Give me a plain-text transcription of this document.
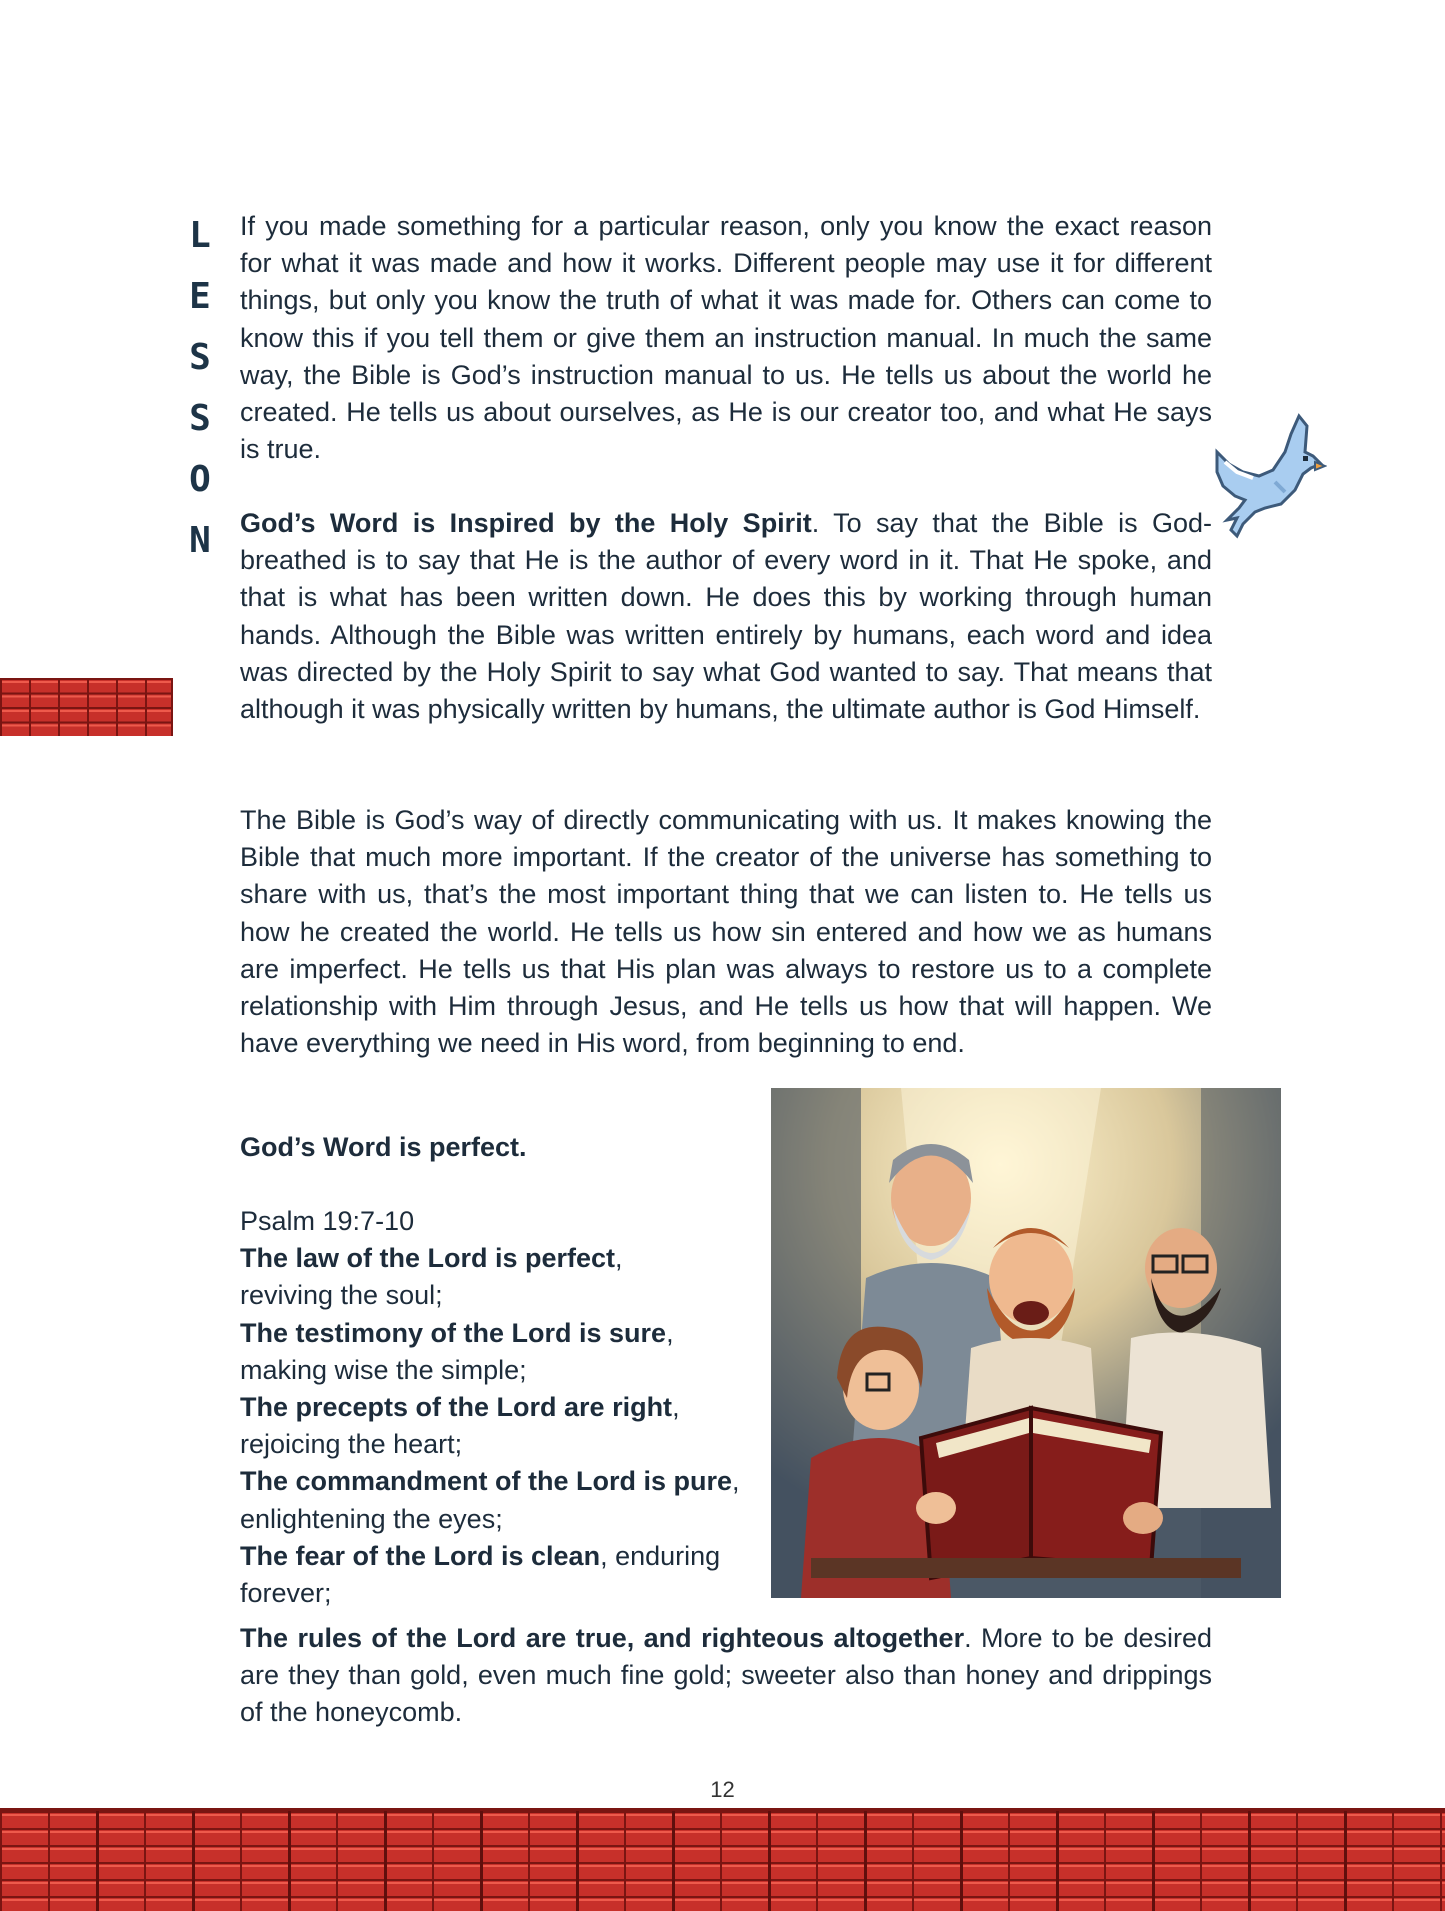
L
E
S
S
O
N

If you made something for a particular reason, only you know the exact reason for what it was made and how it works. Different people may use it for different things, but only you know the truth of what it was made for. Others can come to know this if you tell them or give them an instruction manual. In much the same way, the Bible is God’s instruction manual to us. He tells us about the world he created. He tells us about ourselves, as He is our creator too, and what He says is true.

God’s Word is Inspired by the Holy Spirit. To say that the Bible is God-breathed is to say that He is the author of every word in it. That He spoke, and that is what has been written down. He does this by working through human hands. Although the Bible was written entirely by humans, each word and idea was directed by the Holy Spirit to say what God wanted to say. That means that although it was physically written by humans, the ultimate author is God Himself.

The Bible is God’s way of directly communicating with us. It makes knowing the Bible that much more important. If the creator of the universe has something to share with us, that’s the most important thing that we can listen to. He tells us how he created the world. He tells us how sin entered and how we as humans are imperfect. He tells us that His plan was always to restore us to a complete relationship with Him through Jesus, and He tells us how that will happen. We have everything we need in His word, from beginning to end.

God’s Word is perfect.
Psalm 19:7-10
The law of the Lord is perfect,
reviving the soul;
The testimony of the Lord is sure,
making wise the simple;
The precepts of the Lord are right,
rejoicing the heart;
The commandment of the Lord is pure,
enlightening the eyes;
The fear of the Lord is clean, enduring
forever;

The rules of the Lord are true, and righteous altogether. More to be desired are they than gold, even much fine gold; sweeter also than honey and drippings of the honeycomb.

12
